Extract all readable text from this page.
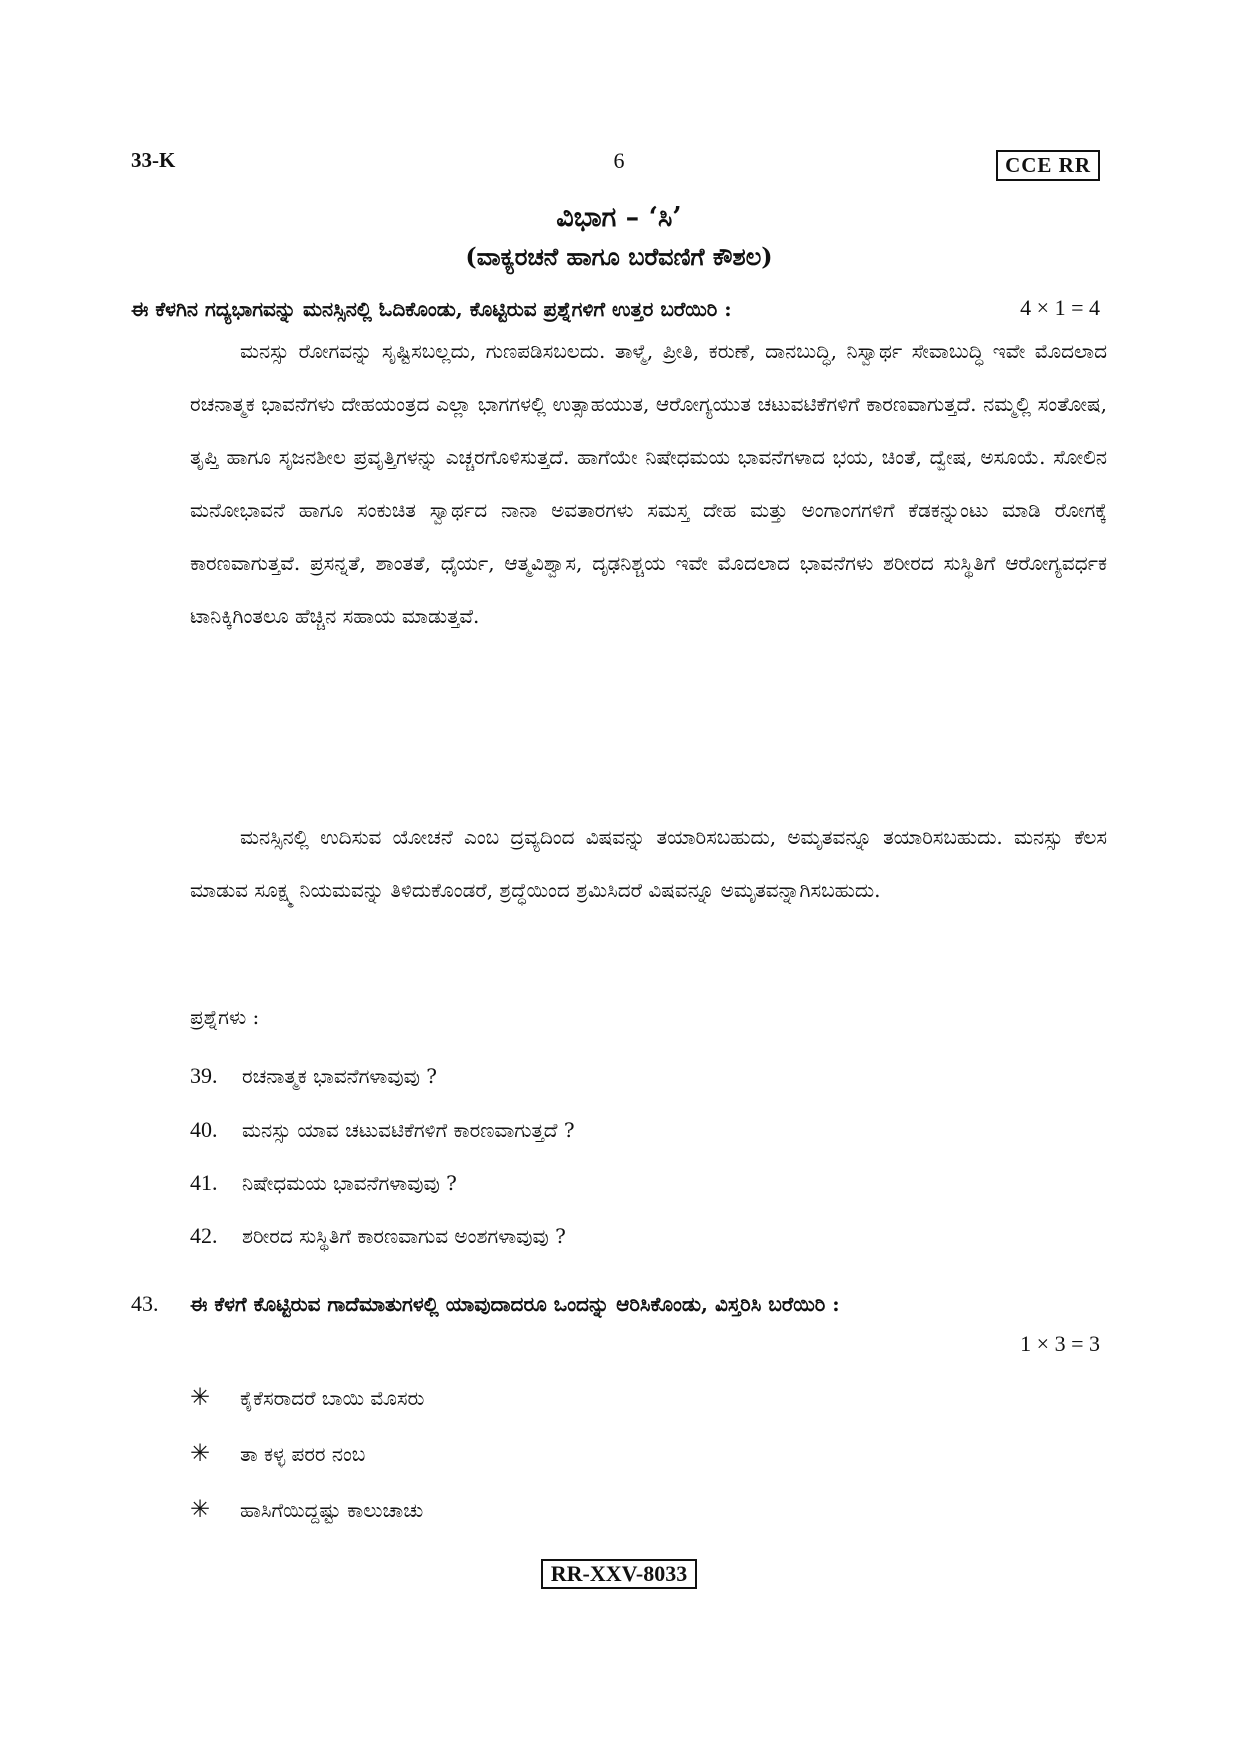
33-K	6	CCE RR
ವಿಭಾಗ – ‘ಸಿ’
(ವಾಕ್ಯರಚನೆ ಹಾಗೂ ಬರೆವಣಿಗೆ ಕೌಶಲ)
ಈ ಕೆಳಗಿನ ಗದ್ಯಭಾಗವನ್ನು ಮನಸ್ಸಿನಲ್ಲಿ ಓದಿಕೊಂಡು, ಕೊಟ್ಟಿರುವ ಪ್ರಶ್ನೆಗಳಿಗೆ ಉತ್ತರ ಬರೆಯಿರಿ :	4 × 1 = 4
ಮನಸ್ಸು ರೋಗವನ್ನು ಸೃಷ್ಟಿಸಬಲ್ಲದು, ಗುಣಪಡಿಸಬಲದು. ತಾಳ್ಮೆ, ಪ್ರೀತಿ, ಕರುಣೆ, ದಾನಬುದ್ಧಿ, ನಿಸ್ವಾರ್ಥ ಸೇವಾಬುದ್ಧಿ ಇವೇ ಮೊದಲಾದ ರಚನಾತ್ಮಕ ಭಾವನೆಗಳು ದೇಹಯಂತ್ರದ ಎಲ್ಲಾ ಭಾಗಗಳಲ್ಲಿ ಉತ್ಸಾಹಯುತ, ಆರೋಗ್ಯಯುತ ಚಟುವಟಿಕೆಗಳಿಗೆ ಕಾರಣವಾಗುತ್ತದೆ. ನಮ್ಮಲ್ಲಿ ಸಂತೋಷ, ತೃಪ್ತಿ ಹಾಗೂ ಸೃಜನಶೀಲ ಪ್ರವೃತ್ತಿಗಳನ್ನು ಎಚ್ಚರಗೊಳಿಸುತ್ತದೆ. ಹಾಗೆಯೇ ನಿಷೇಧಮಯ ಭಾವನೆಗಳಾದ ಭಯ, ಚಿಂತೆ, ದ್ವೇಷ, ಅಸೂಯೆ. ಸೋಲಿನ ಮನೋಭಾವನೆ ಹಾಗೂ ಸಂಕುಚಿತ ಸ್ವಾರ್ಥದ ನಾನಾ ಅವತಾರಗಳು ಸಮಸ್ತ ದೇಹ ಮತ್ತು ಅಂಗಾಂಗಗಳಿಗೆ ಕೆಡಕನ್ನುಂಟು ಮಾಡಿ ರೋಗಕ್ಕೆ ಕಾರಣವಾಗುತ್ತವೆ. ಪ್ರಸನ್ನತೆ, ಶಾಂತತೆ, ಧೈರ್ಯ, ಆತ್ಮವಿಶ್ವಾಸ, ದೃಢನಿಶ್ಚಯ ಇವೇ ಮೊದಲಾದ ಭಾವನೆಗಳು ಶರೀರದ ಸುಸ್ಥಿತಿಗೆ ಆರೋಗ್ಯವರ್ಧಕ ಟಾನಿಕ್ಕಿಗಿಂತಲೂ ಹೆಚ್ಚಿನ ಸಹಾಯ ಮಾಡುತ್ತವೆ.
ಮನಸ್ಸಿನಲ್ಲಿ ಉದಿಸುವ ಯೋಚನೆ ಎಂಬ ದ್ರವ್ಯದಿಂದ ವಿಷವನ್ನು ತಯಾರಿಸಬಹುದು, ಅಮೃತವನ್ನೂ ತಯಾರಿಸಬಹುದು. ಮನಸ್ಸು ಕೆಲಸ ಮಾಡುವ ಸೂಕ್ಷ್ಮ ನಿಯಮವನ್ನು ತಿಳಿದುಕೊಂಡರೆ, ಶ್ರದ್ಧೆಯಿಂದ ಶ್ರಮಿಸಿದರೆ ವಿಷವನ್ನೂ ಅಮೃತವನ್ನಾಗಿಸಬಹುದು.
ಪ್ರಶ್ನೆಗಳು :
39. ರಚನಾತ್ಮಕ ಭಾವನೆಗಳಾವುವು ?
40. ಮನಸ್ಸು ಯಾವ ಚಟುವಟಿಕೆಗಳಿಗೆ ಕಾರಣವಾಗುತ್ತದೆ ?
41. ನಿಷೇಧಮಯ ಭಾವನೆಗಳಾವುವು ?
42. ಶರೀರದ ಸುಸ್ಥಿತಿಗೆ ಕಾರಣವಾಗುವ ಅಂಶಗಳಾವುವು ?
43. ಈ ಕೆಳಗೆ ಕೊಟ್ಟಿರುವ ಗಾದೆಮಾತುಗಳಲ್ಲಿ ಯಾವುದಾದರೂ ಒಂದನ್ನು ಆರಿಸಿಕೊಂಡು, ವಿಸ್ತರಿಸಿ ಬರೆಯಿರಿ :
1 × 3 = 3
✳ ಕೈಕೆಸರಾದರೆ ಬಾಯಿ ಮೊಸರು
✳ ತಾ ಕಳ್ಳ ಪರರ ನಂಬ
✳ ಹಾಸಿಗೆಯಿದ್ದಷ್ಟು ಕಾಲುಚಾಚು
RR-XXV-8033
